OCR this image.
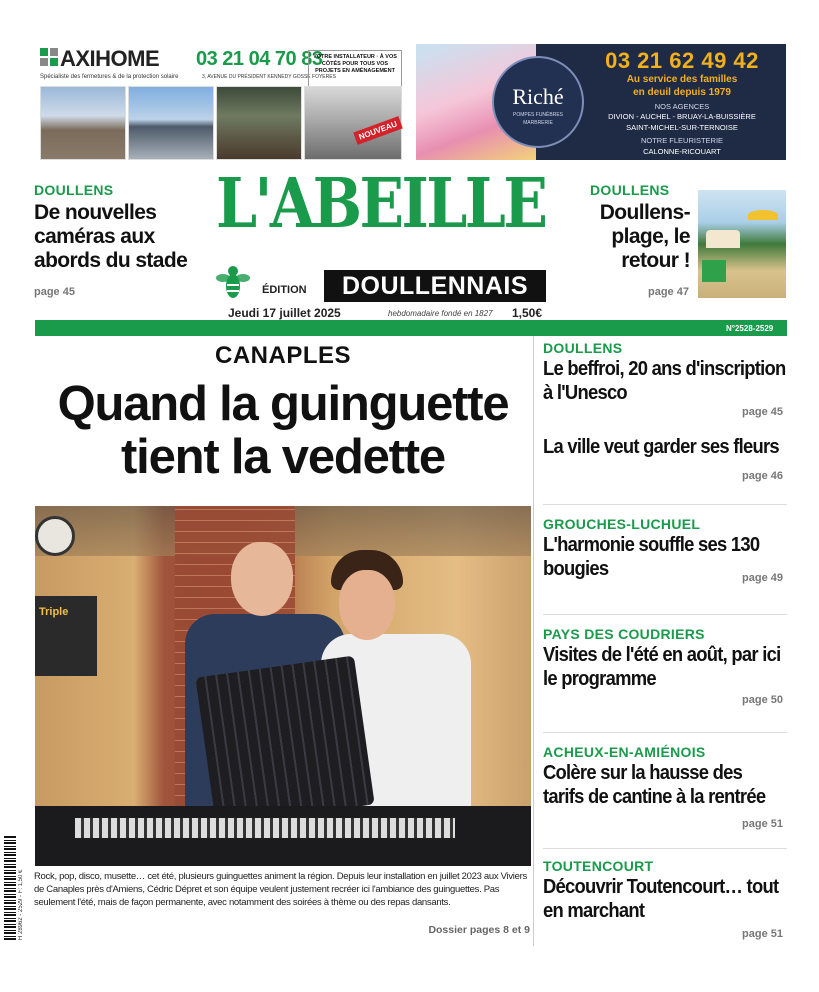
AXIHOME 03 21 04 70 83
Spécialiste des fermetures & de la protection solaire	3, AVENUE DU PRÉSIDENT KENNEDY GOSSE FOYERES
VOTRE INSTALLATEUR · À VOS CÔTÉS POUR TOUS VOS PROJETS EN AMÉNAGEMENT
NOUVEAU
Riché
POMPES FUNÈBRES
MARBRERIE
03 21 62 49 42
Au service des familles
en deuil depuis 1979
NOS AGENCES
DIVION - AUCHEL - BRUAY-LA-BUISSIÈRE
SAINT-MICHEL-SUR-TERNOISE
NOTRE FLEURISTERIE
CALONNE-RICOUART
DOULLENS
De nouvelles caméras aux abords du stade
page 45
L'ABEILLE
ÉDITION	DOULLENNAIS
Jeudi 17 juillet 2025	hebdomadaire fondé en 1827 1,50€
DOULLENS
Doullens-plage, le retour !
page 47
N°2528-2529
CANAPLES
Quand la guinguette tient la vedette
Triple
Rock, pop, disco, musette… cet été, plusieurs guinguettes animent la région. Depuis leur installation en juillet 2023 aux Viviers de Canaples près d'Amiens, Cédric Dépret et son équipe veulent justement recréer ici l'ambiance des guinguettes. Pas seulement l'été, mais de façon permanente, avec notamment des soirées à thème ou des repas dansants.
Dossier pages 8 et 9
DOULLENS
Le beffroi, 20 ans d'inscription à l'Unesco
page 45
La ville veut garder ses fleurs
page 46
GROUCHES-LUCHUEL
L'harmonie souffle ses 130 bougies	page 49
PAYS DES COUDRIERS
Visites de l'été en août, par ici le programme
page 50
ACHEUX-EN-AMIÉNOIS
Colère sur la hausse des tarifs de cantine à la rentrée
page 51
TOUTENCOURT
Découvrir Toutencourt… tout en marchant
page 51
H 28962 - 2529 - F: 1,50 €
